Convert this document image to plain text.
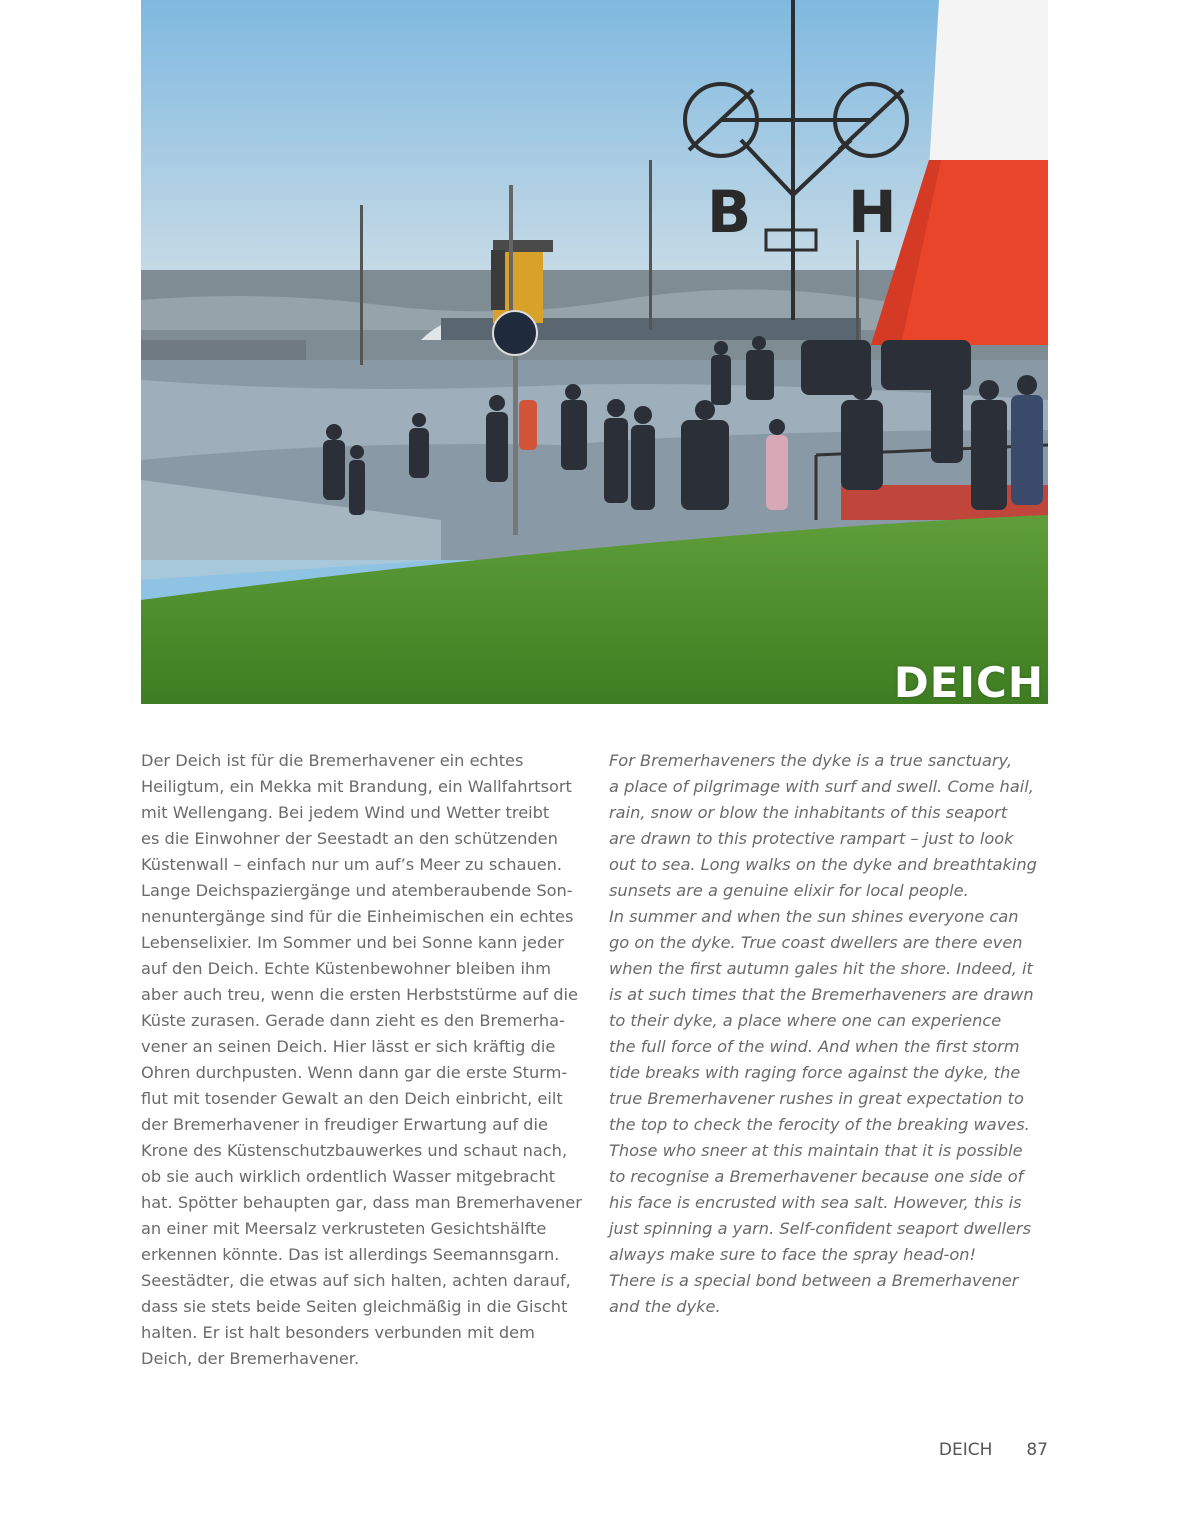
B H
DEICH
Der Deich ist für die Bremerhavener ein echtes
Heiligtum, ein Mekka mit Brandung, ein Wallfahrtsort
mit Wellengang. Bei jedem Wind und Wetter treibt
es die Einwohner der Seestadt an den schützenden
Küstenwall – einfach nur um auf’s Meer zu schauen.
Lange Deichspaziergänge und atemberaubende Son-
nenuntergänge sind für die Einheimischen ein echtes
Lebenselixier. Im Sommer und bei Sonne kann jeder
auf den Deich. Echte Küstenbewohner bleiben ihm
aber auch treu, wenn die ersten Herbststürme auf die
Küste zurasen. Gerade dann zieht es den Bremerha-
vener an seinen Deich. Hier lässt er sich kräftig die
Ohren durchpusten. Wenn dann gar die erste Sturm-
flut mit tosender Gewalt an den Deich einbricht, eilt
der Bremerhavener in freudiger Erwartung auf die
Krone des Küstenschutzbauwerkes und schaut nach,
ob sie auch wirklich ordentlich Wasser mitgebracht
hat. Spötter behaupten gar, dass man Bremerhavener
an einer mit Meersalz verkrusteten Gesichtshälfte
erkennen könnte. Das ist allerdings Seemannsgarn.
Seestädter, die etwas auf sich halten, achten darauf,
dass sie stets beide Seiten gleichmäßig in die Gischt
halten. Er ist halt besonders verbunden mit dem
Deich, der Bremerhavener.
For Bremerhaveners the dyke is a true sanctuary,
a place of pilgrimage with surf and swell. Come hail,
rain, snow or blow the inhabitants of this seaport
are drawn to this protective rampart – just to look
out to sea. Long walks on the dyke and breathtaking
sunsets are a genuine elixir for local people.
In summer and when the sun shines everyone can
go on the dyke. True coast dwellers are there even
when the first autumn gales hit the shore. Indeed, it
is at such times that the Bremerhaveners are drawn
to their dyke, a place where one can experience
the full force of the wind. And when the first storm
tide breaks with raging force against the dyke, the
true Bremerhavener rushes in great expectation to
the top to check the ferocity of the breaking waves.
Those who sneer at this maintain that it is possible
to recognise a Bremerhavener because one side of
his face is encrusted with sea salt. However, this is
just spinning a yarn. Self-confident seaport dwellers
always make sure to face the spray head-on!
There is a special bond between a Bremerhavener
and the dyke.
DEICH 87
